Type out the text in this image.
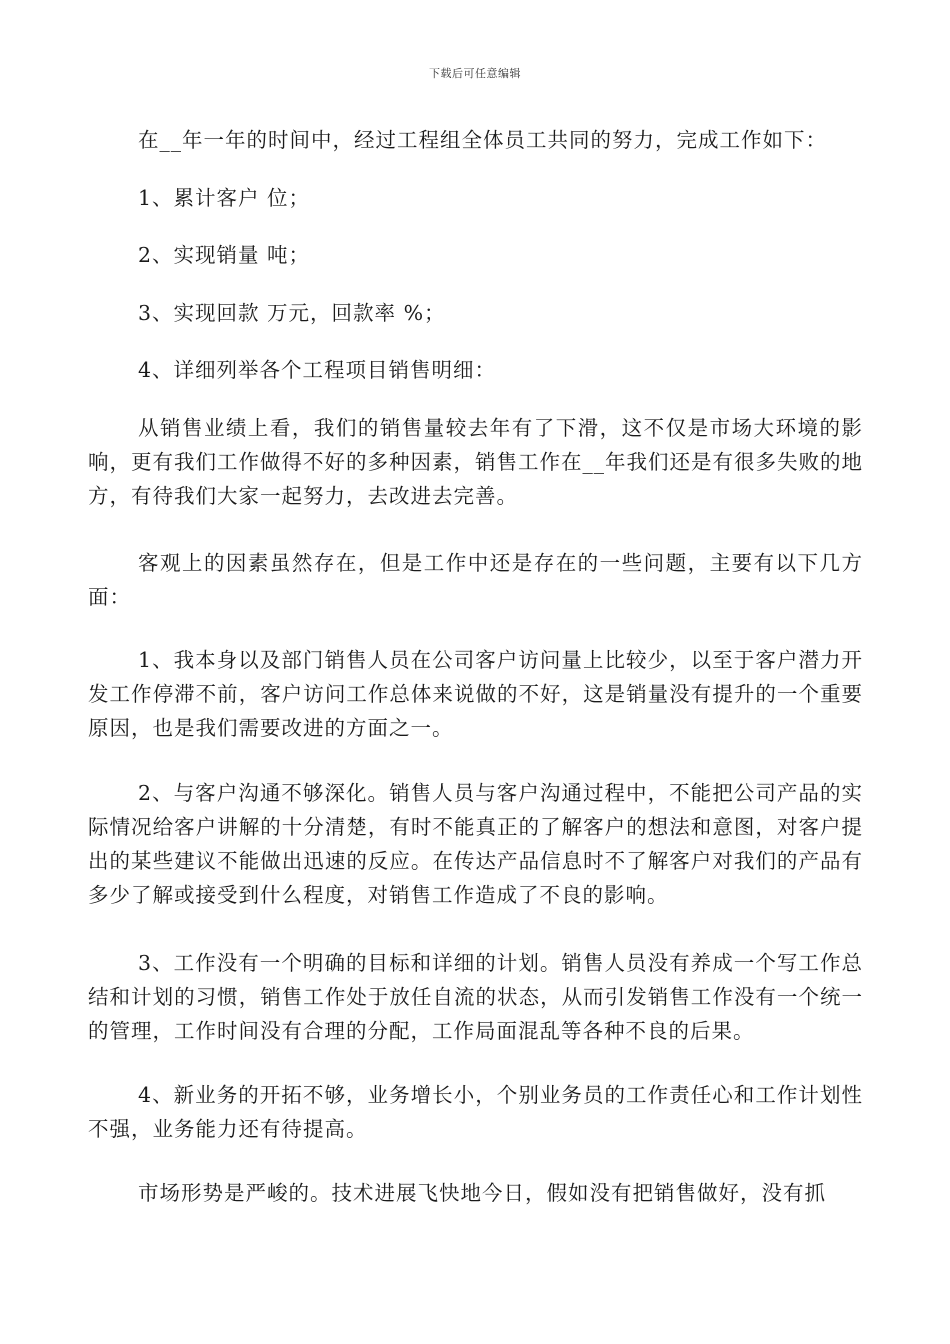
下载后可任意编辑

在__年一年的时间中，经过工程组全体员工共同的努力，完成工作如下：

1、累计客户 位；

2、实现销量 吨；

3、实现回款 万元，回款率 %；

4、详细列举各个工程项目销售明细：

从销售业绩上看，我们的销售量较去年有了下滑，这不仅是市场大环境的影响，更有我们工作做得不好的多种因素，销售工作在__年我们还是有很多失败的地方，有待我们大家一起努力，去改进去完善。

客观上的因素虽然存在，但是工作中还是存在的一些问题，主要有以下几方面：

1、我本身以及部门销售人员在公司客户访问量上比较少，以至于客户潜力开发工作停滞不前，客户访问工作总体来说做的不好，这是销量没有提升的一个重要原因，也是我们需要改进的方面之一。

2、与客户沟通不够深化。销售人员与客户沟通过程中，不能把公司产品的实际情况给客户讲解的十分清楚，有时不能真正的了解客户的想法和意图，对客户提出的某些建议不能做出迅速的反应。在传达产品信息时不了解客户对我们的产品有多少了解或接受到什么程度，对销售工作造成了不良的影响。

3、工作没有一个明确的目标和详细的计划。销售人员没有养成一个写工作总结和计划的习惯，销售工作处于放任自流的状态，从而引发销售工作没有一个统一的管理，工作时间没有合理的分配，工作局面混乱等各种不良的后果。

4、新业务的开拓不够，业务增长小，个别业务员的工作责任心和工作计划性不强，业务能力还有待提高。

市场形势是严峻的。技术进展飞快地今日，假如没有把销售做好，没有抓
